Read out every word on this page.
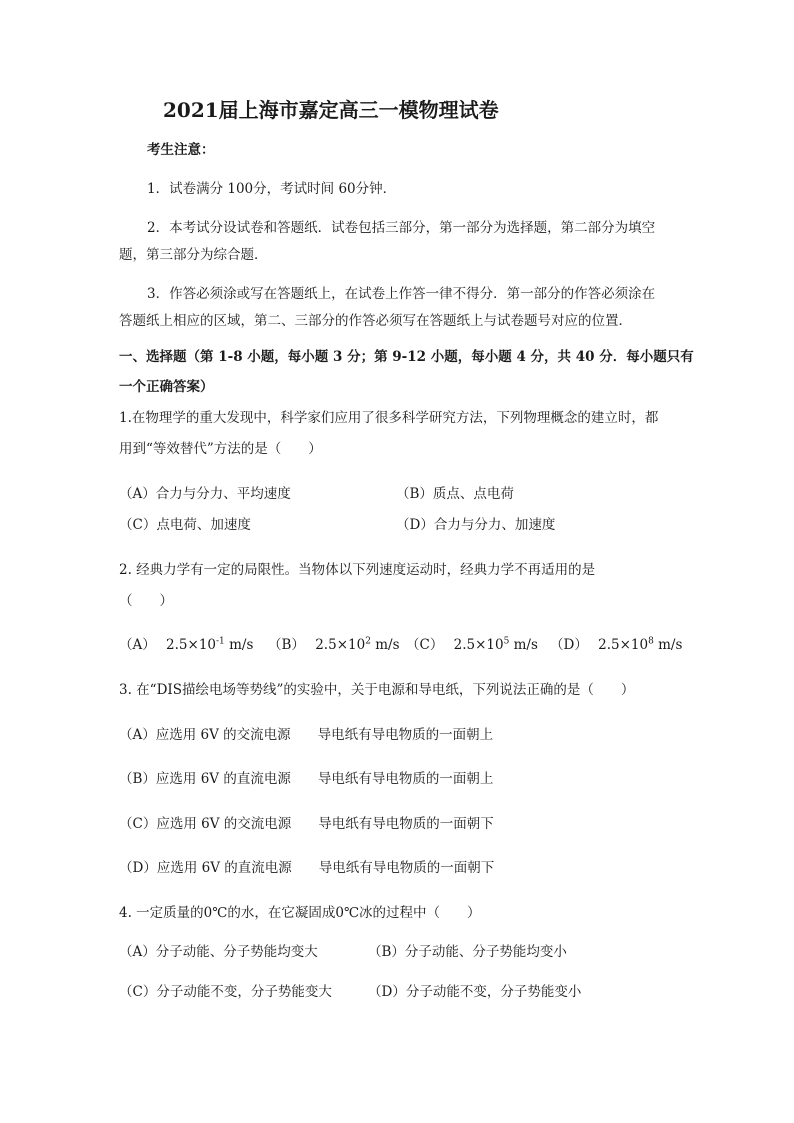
2021届上海市嘉定高三一模物理试卷
考生注意：
1．试卷满分 100分，考试时间 60分钟．
2．本考试分设试卷和答题纸．试卷包括三部分，第一部分为选择题，第二部分为填空
题，第三部分为综合题．
3．作答必须涂或写在答题纸上，在试卷上作答一律不得分．第一部分的作答必须涂在
答题纸上相应的区域，第二、三部分的作答必须写在答题纸上与试卷题号对应的位置．
一、选择题（第 1-8 小题，每小题 3 分；第 9-12 小题，每小题 4 分，共 40 分．每小题只有
一个正确答案）
1.在物理学的重大发现中，科学家们应用了很多科学研究方法，下列物理概念的建立时，都
用到“等效替代”方法的是（　　）
（A）合力与分力、平均速度	（B）质点、点电荷
（C）点电荷、加速度	（D）合力与分力、加速度
2. 经典力学有一定的局限性。当物体以下列速度运动时，经典力学不再适用的是
（　　）
（A） $2.5\times 10^{-1}$ m/s （B） $2.5\times 10^2$ m/s （C） $2.5\times 10^5$ m/s （D） $2.5\times 10^8$ m/s
3. 在“DIS描绘电场等势线”的实验中，关于电源和导电纸，下列说法正确的是（　　）
（A）应选用 6V 的交流电源　　导电纸有导电物质的一面朝上
（B）应选用 6V 的直流电源　　导电纸有导电物质的一面朝上
（C）应选用 6V 的交流电源　　导电纸有导电物质的一面朝下
（D）应选用 6V 的直流电源　　导电纸有导电物质的一面朝下
4. 一定质量的0℃的水，在它凝固成0℃冰的过程中（　　）
（A）分子动能、分子势能均变大	（B）分子动能、分子势能均变小
（C）分子动能不变，分子势能变大	（D）分子动能不变，分子势能变小
